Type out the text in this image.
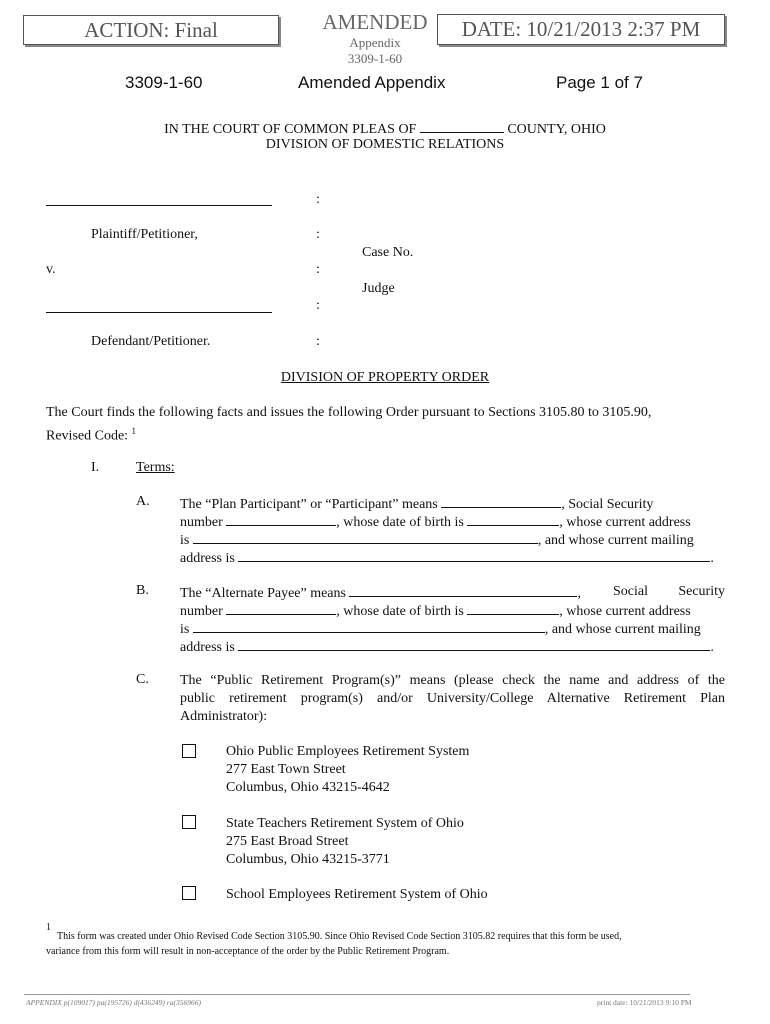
ACTION: Final	AMENDED
Appendix
3309-1-60
DATE: 10/21/2013 2:37 PM
3309-1-60	Amended Appendix	Page 1 of 7
IN THE COURT OF COMMON PLEAS OF	COUNTY, OHIO
DIVISION OF DOMESTIC RELATIONS
:
Plaintiff/Petitioner,	:
Case No.
v.	:
Judge
:
Defendant/Petitioner.	:
DIVISION OF PROPERTY ORDER
The Court finds the following facts and issues the following Order pursuant to Sections 3105.80 to 3105.90,
Revised Code: $^1$
I.	Terms:
A. The “Plan Participant” or “Participant” means	, Social Security
number	, whose date of birth is	, whose current address
is	, and whose current mailing
address is	.
B. The “Alternate Payee” means	, Social Security
number	, whose date of birth is	, whose current address
is	, and whose current mailing
address is	.
C. The “Public Retirement Program(s)” means (please check the name and address of the
public retirement program(s) and/or University/College Alternative Retirement Plan
Administrator):
Ohio Public Employees Retirement System
277 East Town Street
Columbus, Ohio 43215-4642
State Teachers Retirement System of Ohio
275 East Broad Street
Columbus, Ohio 43215-3771
School Employees Retirement System of Ohio
1
This form was created under Ohio Revised Code Section 3105.90. Since Ohio Revised Code Section 3105.82 requires that this form be used,
variance from this form will result in non-acceptance of the order by the Public Retirement Program.
APPENDIX p(109017) pa(195726) d(436249) ra(356966)	print date: 10/21/2013 9:10 PM
